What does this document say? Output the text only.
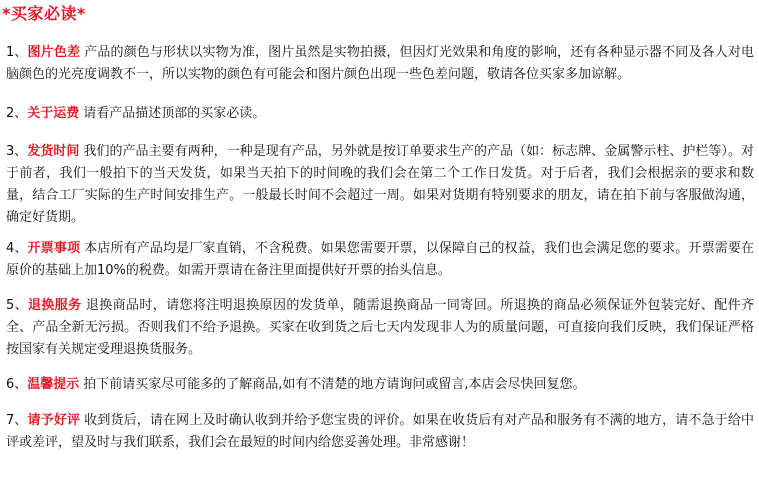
*买家必读*
1、图片色差 产品的颜色与形状以实物为准，图片虽然是实物拍摄，但因灯光效果和角度的影响，还有各种显示器不同及各人对电脑颜色的光亮度调教不一，所以实物的颜色有可能会和图片颜色出现一些色差问题，敬请各位买家多加谅解。
2、关于运费 请看产品描述顶部的买家必读。
3、发货时间 我们的产品主要有两种，一种是现有产品，另外就是按订单要求生产的产品（如：标志牌、金属警示柱、护栏等）。对于前者，我们一般拍下的当天发货，如果当天拍下的时间晚的我们会在第二个工作日发货。对于后者，我们会根据亲的要求和数量，结合工厂实际的生产时间安排生产。一般最长时间不会超过一周。如果对货期有特别要求的朋友，请在拍下前与客服做沟通，确定好货期。
4、开票事项 本店所有产品均是厂家直销，不含税费。如果您需要开票，以保障自己的权益，我们也会满足您的要求。开票需要在原价的基础上加10%的税费。如需开票请在备注里面提供好开票的抬头信息。
5、退换服务 退换商品时，请您将注明退换原因的发货单，随需退换商品一同寄回。所退换的商品必须保证外包装完好、配件齐全、产品全新无污损。否则我们不给予退换。买家在收到货之后七天内发现非人为的质量问题，可直接向我们反映，我们保证严格按国家有关规定受理退换货服务。
6、温馨提示 拍下前请买家尽可能多的了解商品,如有不清楚的地方请询问或留言,本店会尽快回复您。
7、请予好评 收到货后，请在网上及时确认收到并给予您宝贵的评价。如果在收货后有对产品和服务有不满的地方，请不急于给中评或差评，望及时与我们联系，我们会在最短的时间内给您妥善处理。非常感谢！
